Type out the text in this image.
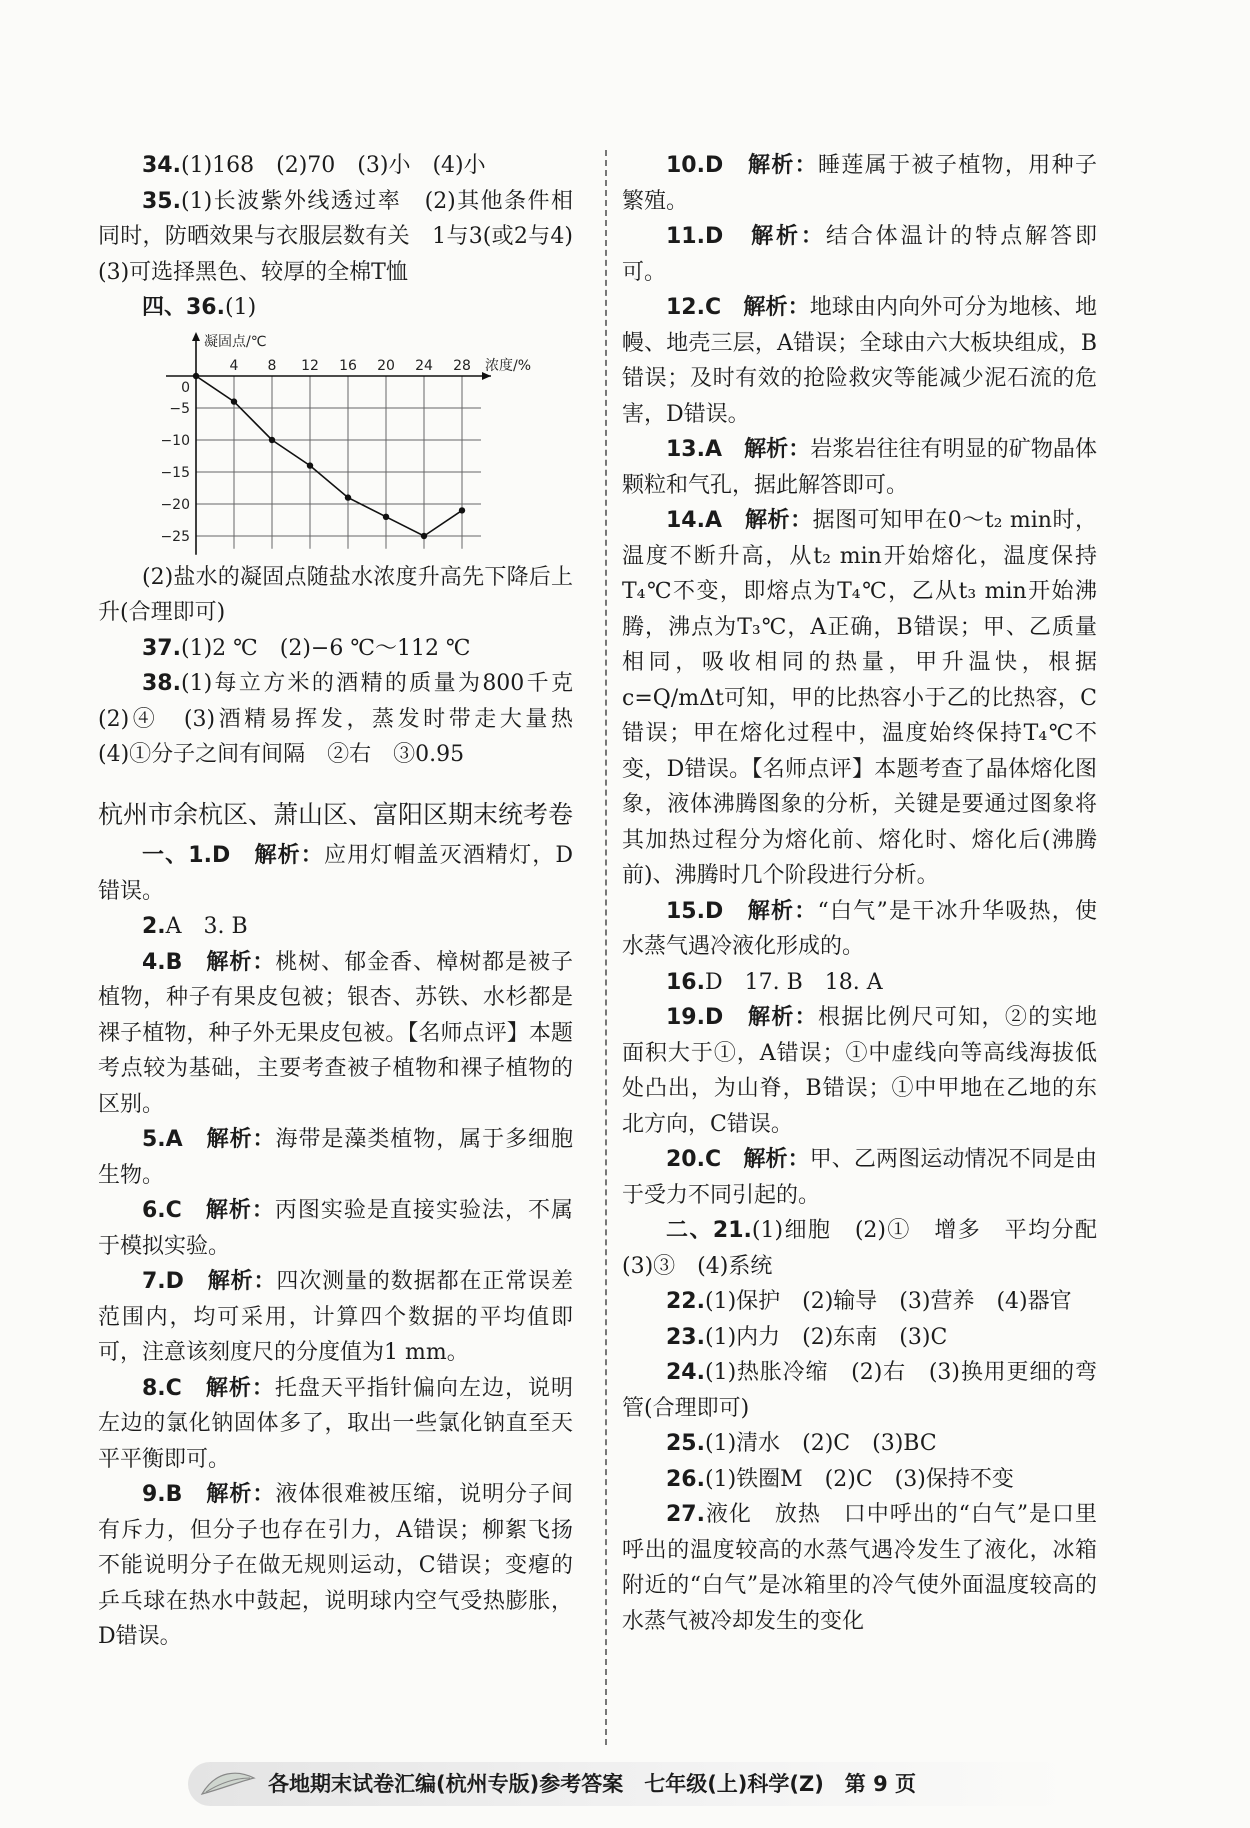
34.(1)168　(2)70　(3)小　(4)小

35.(1)长波紫外线透过率　(2)其他条件相同时，防晒效果与衣服层数有关　1与3(或2与4)　(3)可选择黑色、较厚的全棉T恤

四、36.(1)

4 8 12 16 20 24 28
0
−5
−10
−15
−20
−25
凝固点/℃
浓度/%

(2)盐水的凝固点随盐水浓度升高先下降后上升(合理即可)

37.(1)2 ℃　(2)−6 ℃～112 ℃

38.(1)每立方米的酒精的质量为800千克　(2)④　(3)酒精易挥发，蒸发时带走大量热　(4)①分子之间有间隔　②右　③0.95

杭州市余杭区、萧山区、富阳区期末统考卷

一、1.D　解析：应用灯帽盖灭酒精灯，D错误。

2.A　3. B

4.B　解析：桃树、郁金香、樟树都是被子植物，种子有果皮包被；银杏、苏铁、水杉都是裸子植物，种子外无果皮包被。【名师点评】本题考点较为基础，主要考查被子植物和裸子植物的区别。

5.A　解析：海带是藻类植物，属于多细胞生物。

6.C　解析：丙图实验是直接实验法，不属于模拟实验。

7.D　解析：四次测量的数据都在正常误差范围内，均可采用，计算四个数据的平均值即可，注意该刻度尺的分度值为1 mm。

8.C　解析：托盘天平指针偏向左边，说明左边的氯化钠固体多了，取出一些氯化钠直至天平平衡即可。

9.B　解析：液体很难被压缩，说明分子间有斥力，但分子也存在引力，A错误；柳絮飞扬不能说明分子在做无规则运动，C错误；变瘪的乒乓球在热水中鼓起，说明球内空气受热膨胀，D错误。

10.D　解析：睡莲属于被子植物，用种子繁殖。

11.D　解析：结合体温计的特点解答即可。

12.C　解析：地球由内向外可分为地核、地幔、地壳三层，A错误；全球由六大板块组成，B错误；及时有效的抢险救灾等能减少泥石流的危害，D错误。

13.A　解析：岩浆岩往往有明显的矿物晶体颗粒和气孔，据此解答即可。

14.A　解析：据图可知甲在0～t₂ min时，温度不断升高，从t₂ min开始熔化，温度保持T₄℃不变，即熔点为T₄℃，乙从t₃ min开始沸腾，沸点为T₃℃，A正确，B错误；甲、乙质量相同，吸收相同的热量，甲升温快，根据c=Q/mΔt可知，甲的比热容小于乙的比热容，C错误；甲在熔化过程中，温度始终保持T₄℃不变，D错误。【名师点评】本题考查了晶体熔化图象，液体沸腾图象的分析，关键是要通过图象将其加热过程分为熔化前、熔化时、熔化后(沸腾前)、沸腾时几个阶段进行分析。

15.D　解析：“白气”是干冰升华吸热，使水蒸气遇冷液化形成的。

16.D　17. B　18. A

19.D　解析：根据比例尺可知，②的实地面积大于①，A错误；①中虚线向等高线海拔低处凸出，为山脊，B错误；①中甲地在乙地的东北方向，C错误。

20.C　解析：甲、乙两图运动情况不同是由于受力不同引起的。

二、21.(1)细胞　(2)①　增多　平均分配　(3)③　(4)系统

22.(1)保护　(2)输导　(3)营养　(4)器官

23.(1)内力　(2)东南　(3)C

24.(1)热胀冷缩　(2)右　(3)换用更细的弯管(合理即可)

25.(1)清水　(2)C　(3)BC

26.(1)铁圈M　(2)C　(3)保持不变

27.液化　放热　口中呼出的“白气”是口里呼出的温度较高的水蒸气遇冷发生了液化，冰箱附近的“白气”是冰箱里的冷气使外面温度较高的水蒸气被冷却发生的变化

各地期末试卷汇编(杭州专版)参考答案　七年级(上)科学(Z)　第 9 页
